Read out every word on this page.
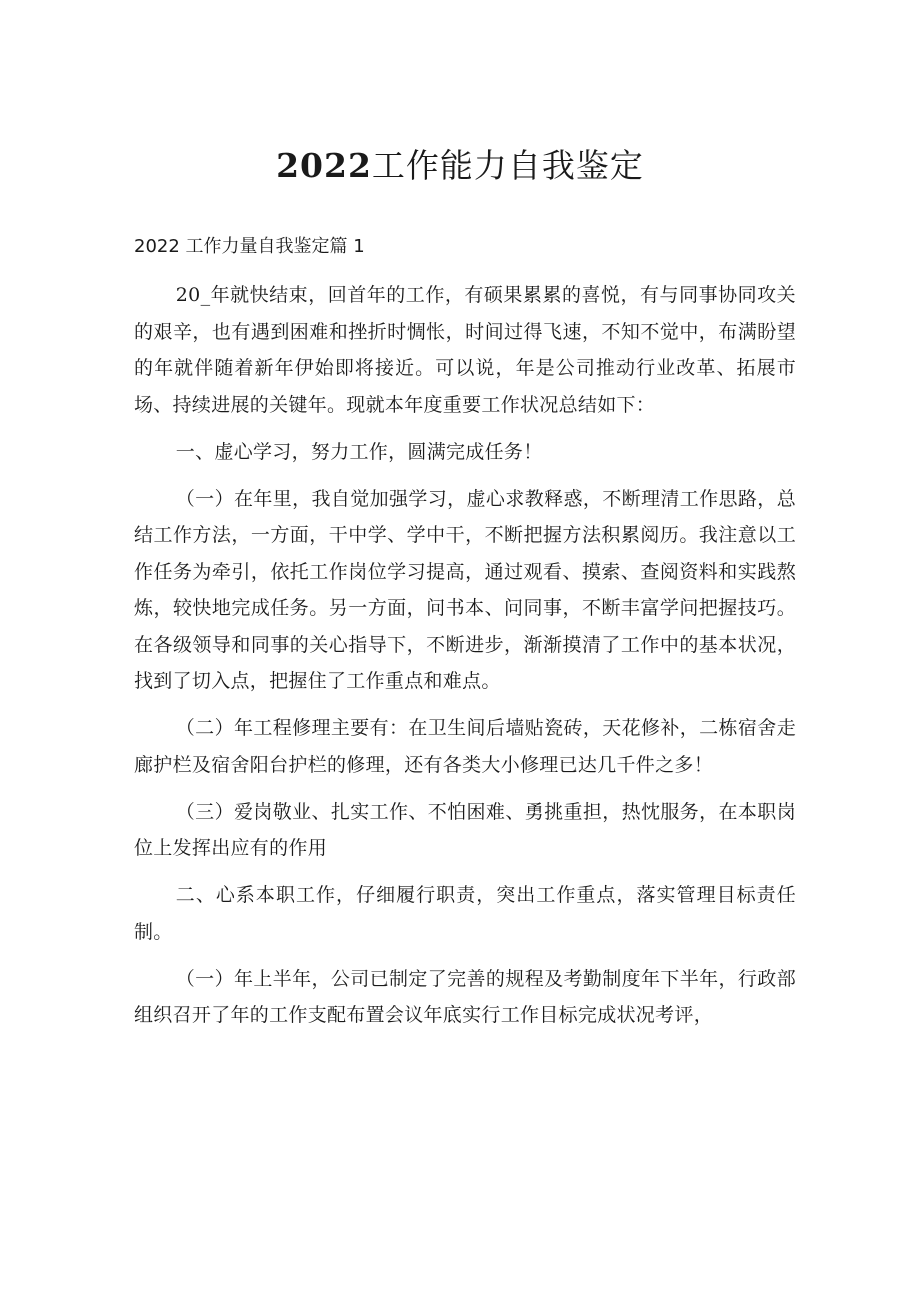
2022工作能力自我鉴定

2022 工作力量自我鉴定篇 1

20_年就快结束，回首年的工作，有硕果累累的喜悦，有与同事协同攻关的艰辛，也有遇到困难和挫折时惆怅，时间过得飞速，不知不觉中，布满盼望的年就伴随着新年伊始即将接近。可以说，年是公司推动行业改革、拓展市场、持续进展的关键年。现就本年度重要工作状况总结如下：

一、虚心学习，努力工作，圆满完成任务！

（一）在年里，我自觉加强学习，虚心求教释惑，不断理清工作思路，总结工作方法，一方面，干中学、学中干，不断把握方法积累阅历。我注意以工作任务为牵引，依托工作岗位学习提高，通过观看、摸索、查阅资料和实践熬炼，较快地完成任务。另一方面，问书本、问同事，不断丰富学问把握技巧。在各级领导和同事的关心指导下，不断进步，渐渐摸清了工作中的基本状况，找到了切入点，把握住了工作重点和难点。

（二）年工程修理主要有：在卫生间后墙贴瓷砖，天花修补，二栋宿舍走廊护栏及宿舍阳台护栏的修理，还有各类大小修理已达几千件之多！

（三）爱岗敬业、扎实工作、不怕困难、勇挑重担，热忱服务，在本职岗位上发挥出应有的作用

二、心系本职工作，仔细履行职责，突出工作重点，落实管理目标责任制。

（一）年上半年，公司已制定了完善的规程及考勤制度年下半年，行政部组织召开了年的工作支配布置会议年底实行工作目标完成状况考评，
